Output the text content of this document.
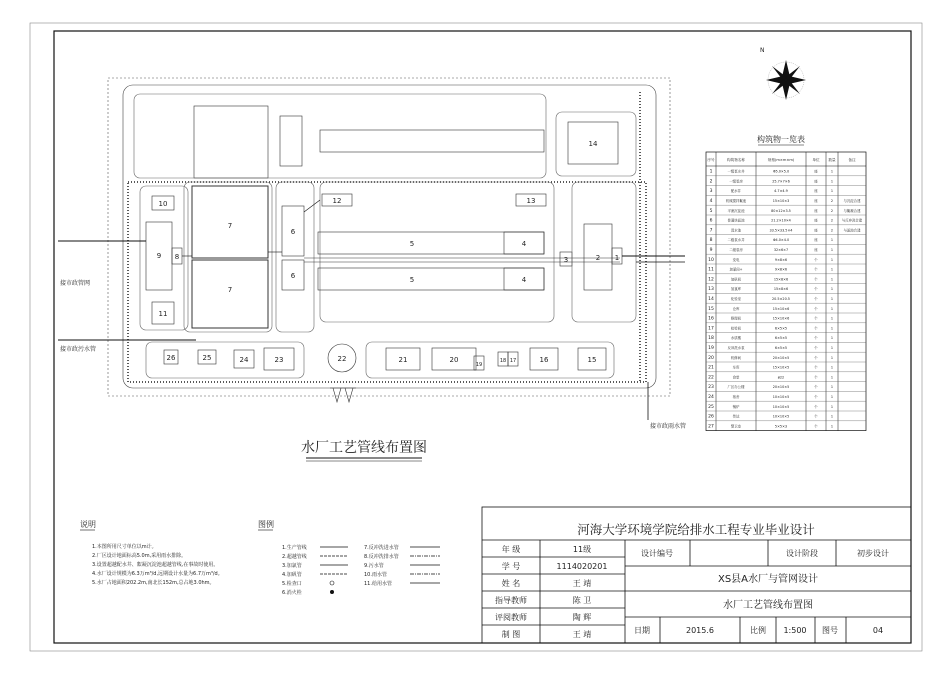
14
10
9 8
11
7
7
6
6
12	13
5	4
5	4
3	2 1
26	25	24	23	22	21	20
19
18 17	16	15
接市政管网
接市政污水管
接市政雨水管
水厂工艺管线布置图
N
构筑物一览表
序号	构筑物名称	规格(m×m×m)	单位 数量	备注
1	一级泵水井	Φ5.0×5.0	座	1
2	一级泵房	25.7×7×6	座	1
3	配水井	4.7×4.9	座	1
4	机械搅拌絮池	15×10×3	座	2	与沉淀合建
5	平流沉淀池	80×12×3.5	座	2	与絮凝合建
6	普通快滤池	21.2×10×4	座	2	与反冲洗合建
7	清水池	33.5×33.5×4	座	2	与滤池合建
8	二级泵水井	Φ4.0×4.0	座	1
9	二级泵房	32×6×7	座	1
10	变电	9×8×6	个	1
11	加氯间+	9×8×6	个	1
12	加矾间	15×8×6	个	1
13	加氯库	15×8×6	个	1
14	化验室	20.5×20.5	个	1
15	仓库	15×10×6	个	1
16	修理间	15×10×6	个	1
17	检验间	6×5×5	个	1
18	水质楼	6×5×5	个	1
19	反冲洗水泵	6×5×5	个	1
20	机修间	20×10×5	个	1
21	车库	15×10×5	个	1
22	食堂	ø22	个	1
23	厂区办公楼	20×10×5	个	1
24	宿舍	10×10×5	个	1
25	锅炉	10×10×5	个	1
26	传达	10×10×5	个	1
27	警卫室	5×5×3	个	1
说明
1.本图所用尺寸单位以m计。
2.厂区设计地面标高5.0m,采用雨水排除。
3.设置超越配水井、絮凝沉淀池超越管线,在事故时使用。
4.水厂设计规模为6.3万m³/d,远期设计水量为6.7万m³/d。
5.水厂占地面积202.2m,南北长152m,总占地3.0hm。
图例
1.生产管线
2.超越管线
3.加氯管
4.加矾管
5.检查口
6.消火栓
7.反冲洗进水管
8.反冲洗排水管
9.污水管
10.雨水管
11.给用水管
河海大学环境学院给排水工程专业毕业设计
年 级	11级
学 号	1114020201
姓 名	王 靖
指导教师	陈 卫
评阅教师	陶 辉
制 图	王 靖
设计编号	设计阶段	初步设计
XS县A水厂与管网设计
水厂工艺管线布置图
日期	2015.6	比例 1:500 图号	04
